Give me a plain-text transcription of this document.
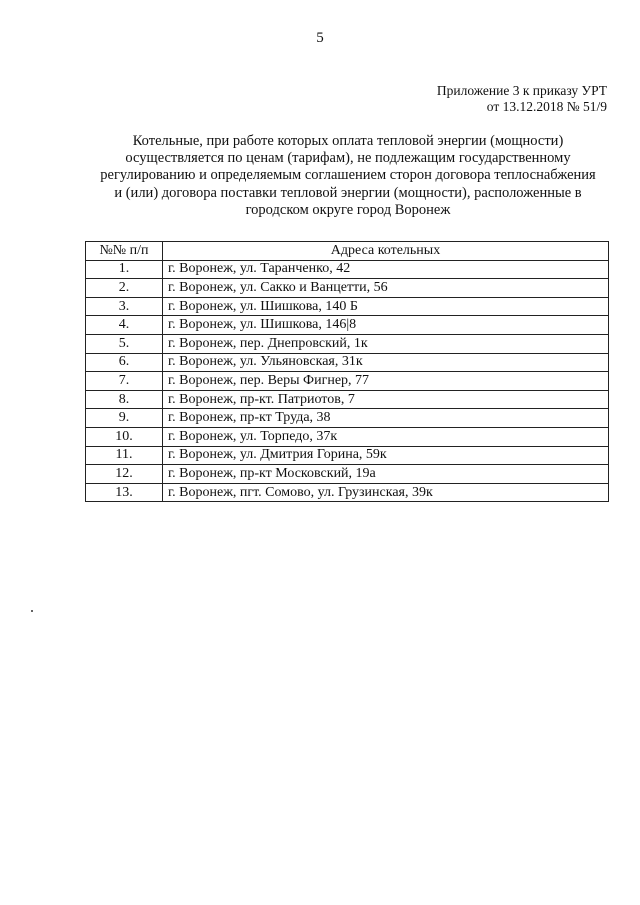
5
Приложение 3 к приказу УРТ
от 13.12.2018 № 51/9
Котельные, при работе которых оплата тепловой энергии (мощности)
осуществляется по ценам (тарифам), не подлежащим государственному
регулированию и определяемым соглашением сторон договора теплоснабжения
и (или) договора поставки тепловой энергии (мощности), расположенные в
городском округе город Воронеж
№№ п/п	Адреса котельных
1.	г. Воронеж, ул. Таранченко, 42
2.	г. Воронеж, ул. Сакко и Ванцетти, 56
3.	г. Воронеж, ул. Шишкова, 140 Б
4.	г. Воронеж, ул. Шишкова, 146|8
5.	г. Воронеж, пер. Днепровский, 1к
6.	г. Воронеж, ул. Ульяновская, 31к
7.	г. Воронеж, пер. Веры Фигнер, 77
8.	г. Воронеж, пр-кт. Патриотов, 7
9.	г. Воронеж, пр-кт Труда, 38
10.	г. Воронеж, ул. Торпедо, 37к
11.	г. Воронеж, ул. Дмитрия Горина, 59к
12.	г. Воронеж, пр-кт Московский, 19а
13.	г. Воронеж, пгт. Сомово, ул. Грузинская, 39к
